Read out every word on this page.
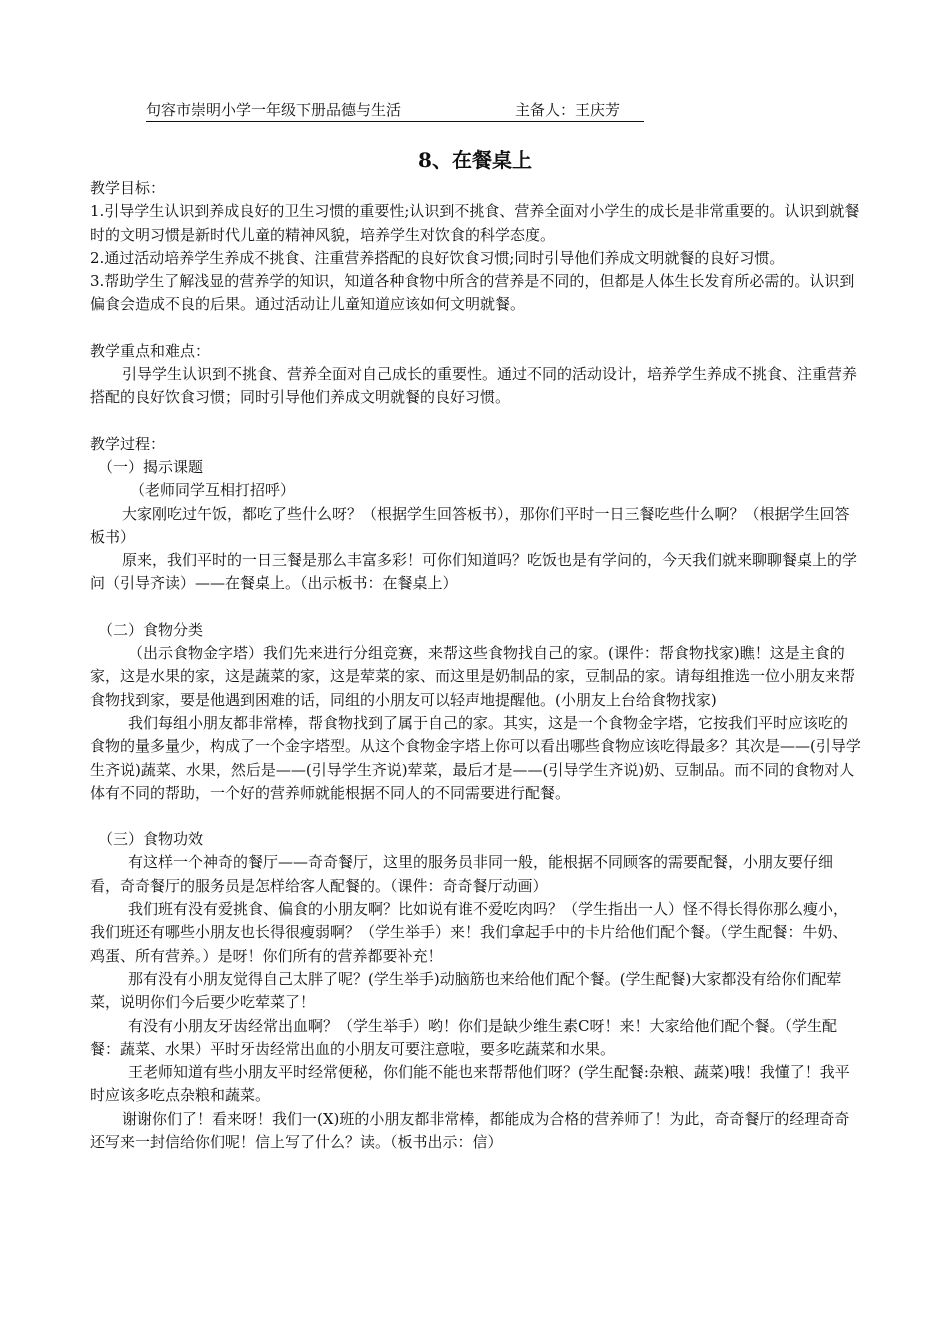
句容市崇明小学一年级下册品德与生活	主备人：王庆芳
8、在餐桌上

教学目标：

1.引导学生认识到养成良好的卫生习惯的重要性;认识到不挑食、营养全面对小学生的成长是非常重要的。认识到就餐时的文明习惯是新时代儿童的精神风貌，培养学生对饮食的科学态度。

2.通过活动培养学生养成不挑食、注重营养搭配的良好饮食习惯;同时引导他们养成文明就餐的良好习惯。

3.帮助学生了解浅显的营养学的知识，知道各种食物中所含的营养是不同的，但都是人体生长发育所必需的。认识到偏食会造成不良的后果。通过活动让儿童知道应该如何文明就餐。

教学重点和难点：

引导学生认识到不挑食、营养全面对自己成长的重要性。通过不同的活动设计，培养学生养成不挑食、注重营养搭配的良好饮食习惯；同时引导他们养成文明就餐的良好习惯。

教学过程：

（一）揭示课题

（老师同学互相打招呼）

大家刚吃过午饭，都吃了些什么呀？（根据学生回答板书），那你们平时一日三餐吃些什么啊？（根据学生回答板书）

原来，我们平时的一日三餐是那么丰富多彩！可你们知道吗？吃饭也是有学问的，今天我们就来聊聊餐桌上的学问（引导齐读）——在餐桌上。（出示板书：在餐桌上）

（二）食物分类

（出示食物金字塔）我们先来进行分组竞赛，来帮这些食物找自己的家。(课件：帮食物找家)瞧！这是主食的家，这是水果的家，这是蔬菜的家，这是荤菜的家、而这里是奶制品的家，豆制品的家。请每组推选一位小朋友来帮食物找到家，要是他遇到困难的话，同组的小朋友可以轻声地提醒他。(小朋友上台给食物找家)

我们每组小朋友都非常棒，帮食物找到了属于自己的家。其实，这是一个食物金字塔，它按我们平时应该吃的食物的量多量少，构成了一个金字塔型。从这个食物金字塔上你可以看出哪些食物应该吃得最多？其次是——(引导学生齐说)蔬菜、水果，然后是——(引导学生齐说)荤菜，最后才是——(引导学生齐说)奶、豆制品。而不同的食物对人体有不同的帮助，一个好的营养师就能根据不同人的不同需要进行配餐。

（三）食物功效

有这样一个神奇的餐厅——奇奇餐厅，这里的服务员非同一般，能根据不同顾客的需要配餐，小朋友要仔细看，奇奇餐厅的服务员是怎样给客人配餐的。（课件：奇奇餐厅动画）

我们班有没有爱挑食、偏食的小朋友啊？比如说有谁不爱吃肉吗？（学生指出一人）怪不得长得你那么瘦小，我们班还有哪些小朋友也长得很瘦弱啊？（学生举手）来！我们拿起手中的卡片给他们配个餐。（学生配餐：牛奶、鸡蛋、所有营养。）是呀！你们所有的营养都要补充！

那有没有小朋友觉得自己太胖了呢？(学生举手)动脑筋也来给他们配个餐。(学生配餐)大家都没有给你们配荤菜，说明你们今后要少吃荤菜了！

有没有小朋友牙齿经常出血啊？（学生举手）哟！你们是缺少维生素C呀！来！大家给他们配个餐。（学生配餐：蔬菜、水果）平时牙齿经常出血的小朋友可要注意啦，要多吃蔬菜和水果。

王老师知道有些小朋友平时经常便秘，你们能不能也来帮帮他们呀？(学生配餐:杂粮、蔬菜)哦！我懂了！我平时应该多吃点杂粮和蔬菜。

谢谢你们了！看来呀！我们一(X)班的小朋友都非常棒，都能成为合格的营养师了！为此，奇奇餐厅的经理奇奇还写来一封信给你们呢！信上写了什么？读。（板书出示：信）
